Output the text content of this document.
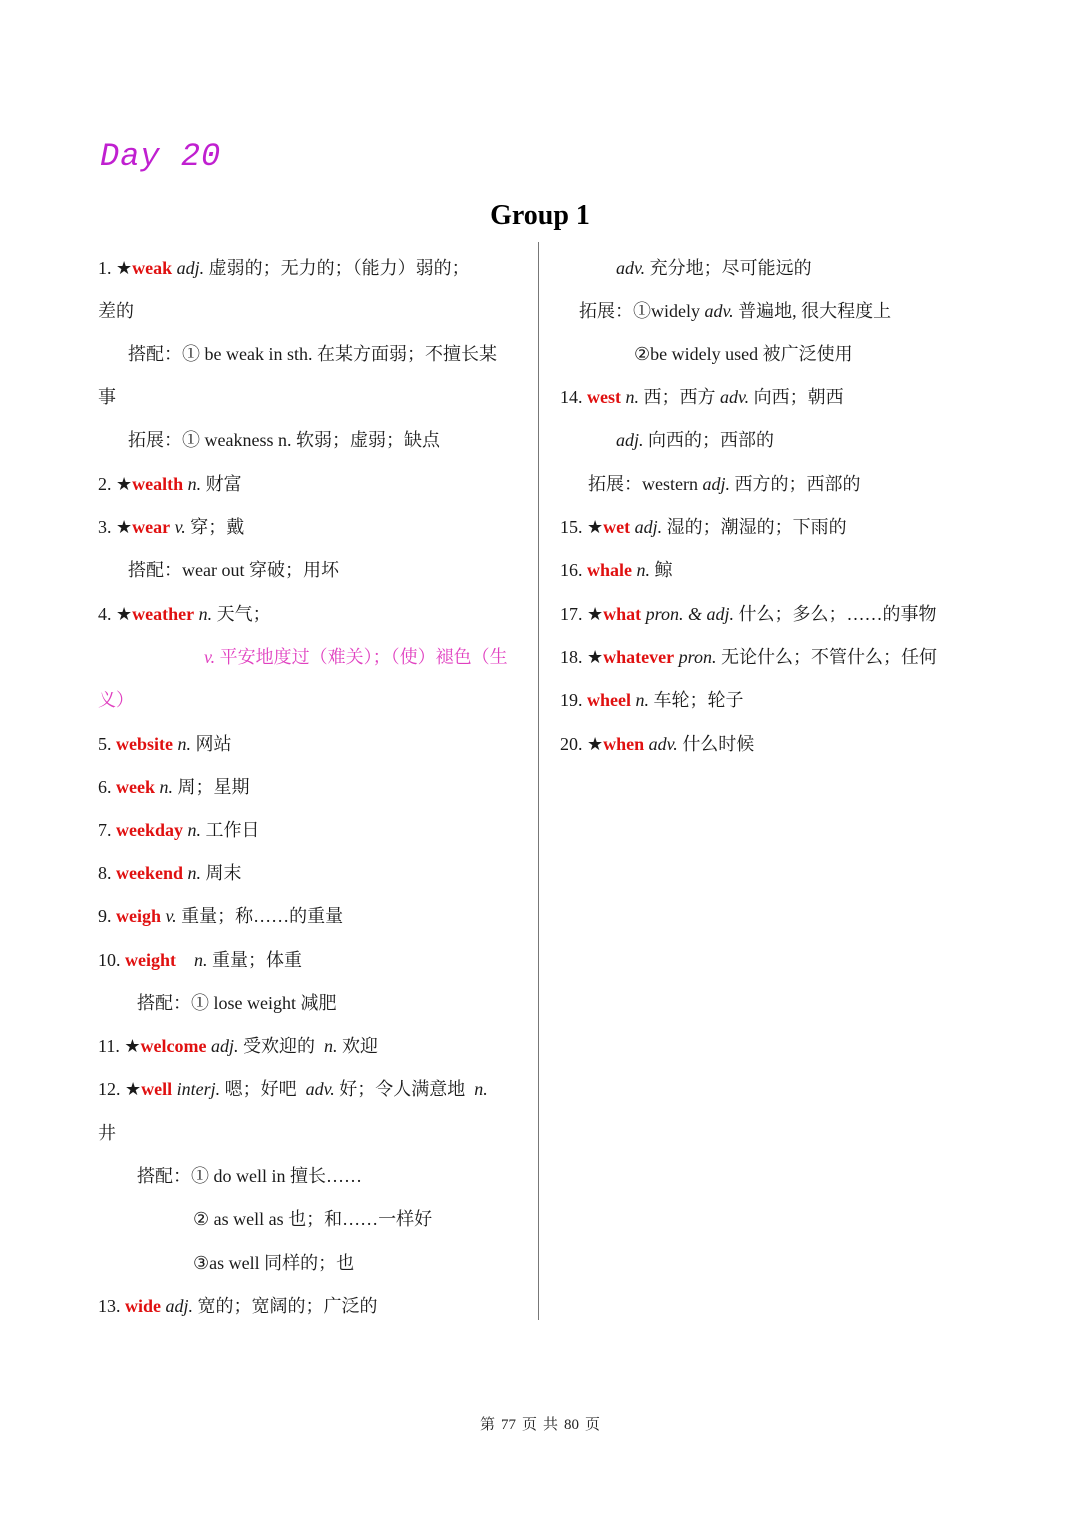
Day 20
Group 1
1. ★weak adj. 虚弱的；无力的；（能力）弱的；
差的
搭配：① be weak in sth. 在某方面弱；不擅长某
事
拓展：① weakness n. 软弱；虚弱；缺点
2. ★wealth n. 财富
3. ★wear v. 穿；戴
搭配：wear out 穿破；用坏
4. ★weather n. 天气；
v. 平安地度过（难关）；（使）褪色（生
义）
5. website n. 网站
6. week n. 周；星期
7. weekday n. 工作日
8. weekend n. 周末
9. weigh v. 重量；称……的重量
10. weight n. 重量；体重
搭配：① lose weight 减肥
11. ★welcome adj. 受欢迎的 n. 欢迎
12. ★well interj. 嗯；好吧 adv. 好；令人满意地 n.
井
搭配：① do well in 擅长……
② as well as 也；和……一样好
③as well 同样的；也
13. wide adj. 宽的；宽阔的；广泛的
adv. 充分地；尽可能远的
拓展：①widely adv. 普遍地, 很大程度上
②be widely used 被广泛使用
14. west n. 西；西方 adv. 向西；朝西
adj. 向西的；西部的
拓展：western adj. 西方的；西部的
15. ★wet adj. 湿的；潮湿的；下雨的
16. whale n. 鲸
17. ★what pron. & adj. 什么；多么；……的事物
18. ★whatever pron. 无论什么；不管什么；任何
19. wheel n. 车轮；轮子
20. ★when adv. 什么时候
第 77 页 共 80 页
